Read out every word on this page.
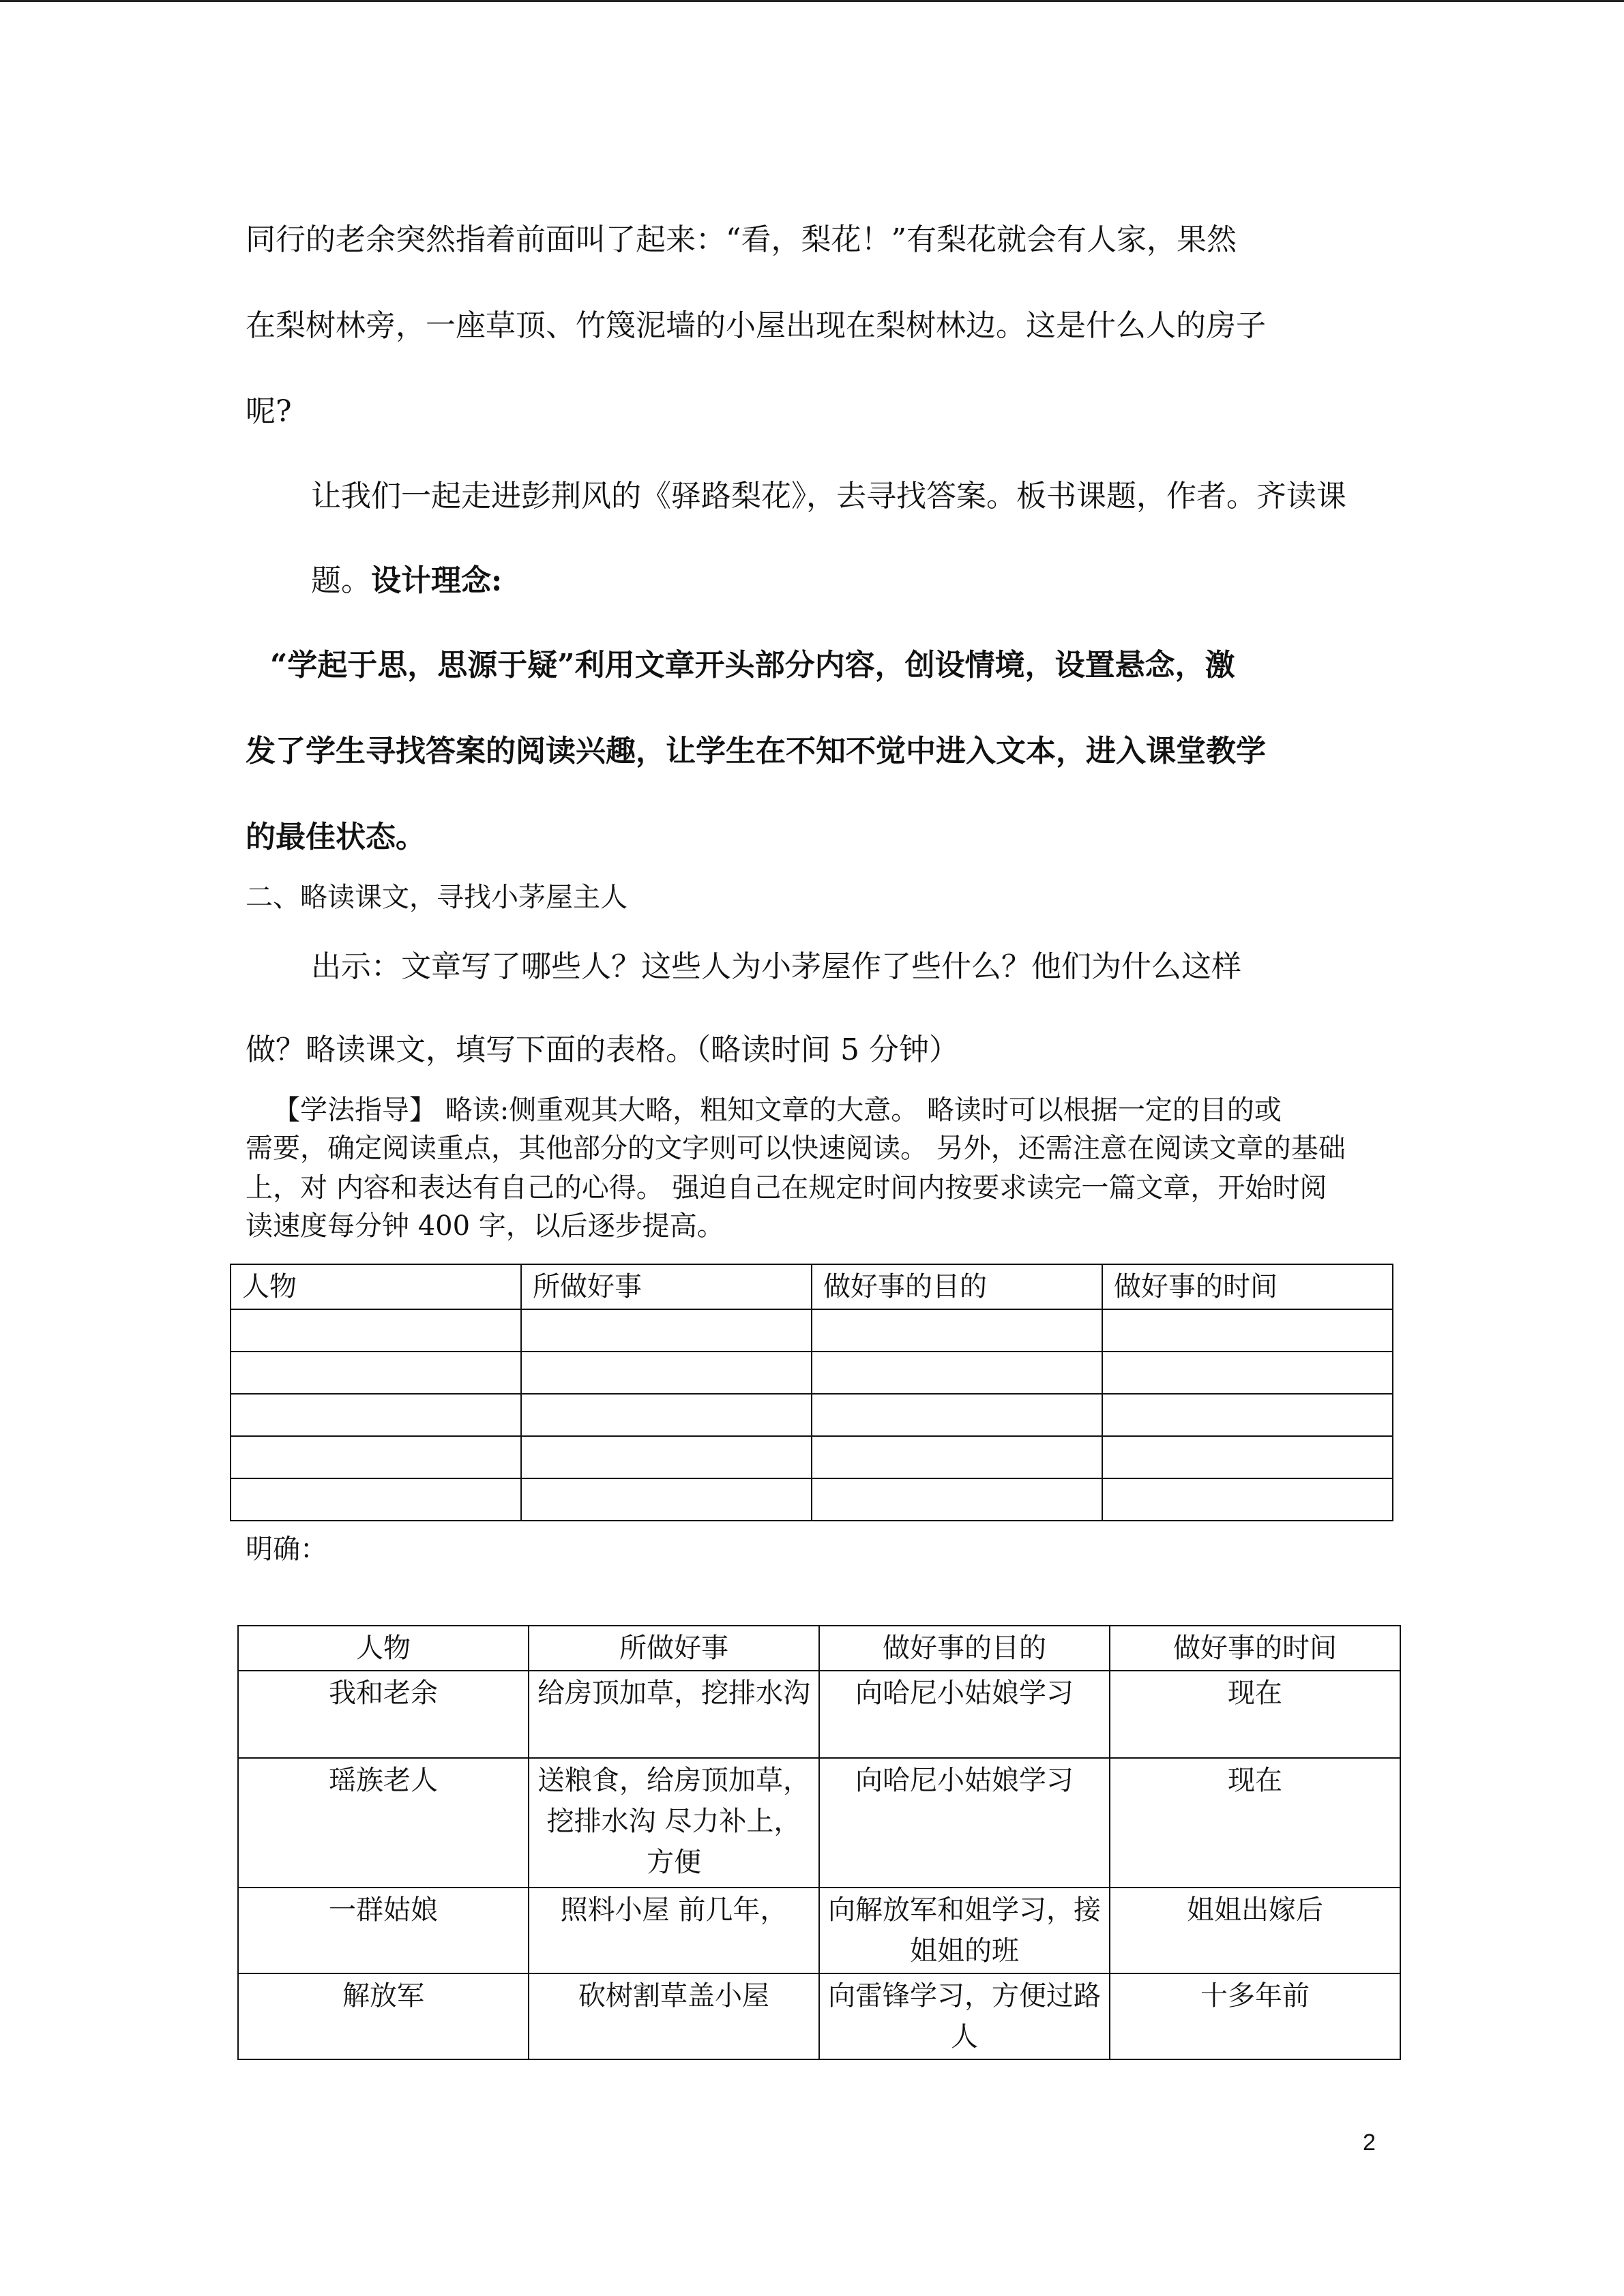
同行的老余突然指着前面叫了起来：“看，梨花！”有梨花就会有人家，果然
在梨树林旁，一座草顶、竹篾泥墙的小屋出现在梨树林边。这是什么人的房子
呢?
让我们一起走进彭荆风的《驿路梨花》，去寻找答案。板书课题，作者。齐读课
题。设计理念:
“学起于思，思源于疑”利用文章开头部分内容，创设情境，设置悬念，激
发了学生寻找答案的阅读兴趣，让学生在不知不觉中进入文本，进入课堂教学
的最佳状态。
二、略读课文，寻找小茅屋主人
出示：文章写了哪些人？这些人为小茅屋作了些什么？他们为什么这样
做？略读课文，填写下面的表格。（略读时间 5 分钟）
【学法指导】 略读:侧重观其大略，粗知文章的大意。 略读时可以根据一定的目的或
需要，确定阅读重点，其他部分的文字则可以快速阅读。 另外，还需注意在阅读文章的基础
上，对 内容和表达有自己的心得。 强迫自己在规定时间内按要求读完一篇文章，开始时阅
读速度每分钟 400 字，以后逐步提高。
人物	所做好事	做好事的目的	做好事的时间

明确：
人物	所做好事	做好事的目的	做好事的时间
我和老余	给房顶加草，挖排水沟	向哈尼小姑娘学习	现在
瑶族老人	送粮食，给房顶加草，挖排水沟 尽力补上，方便	向哈尼小姑娘学习	现在
一群姑娘	照料小屋 前几年，	向解放军和姐学习，接姐姐的班	姐姐出嫁后
解放军	砍树割草盖小屋	向雷锋学习，方便过路人	十多年前
2
